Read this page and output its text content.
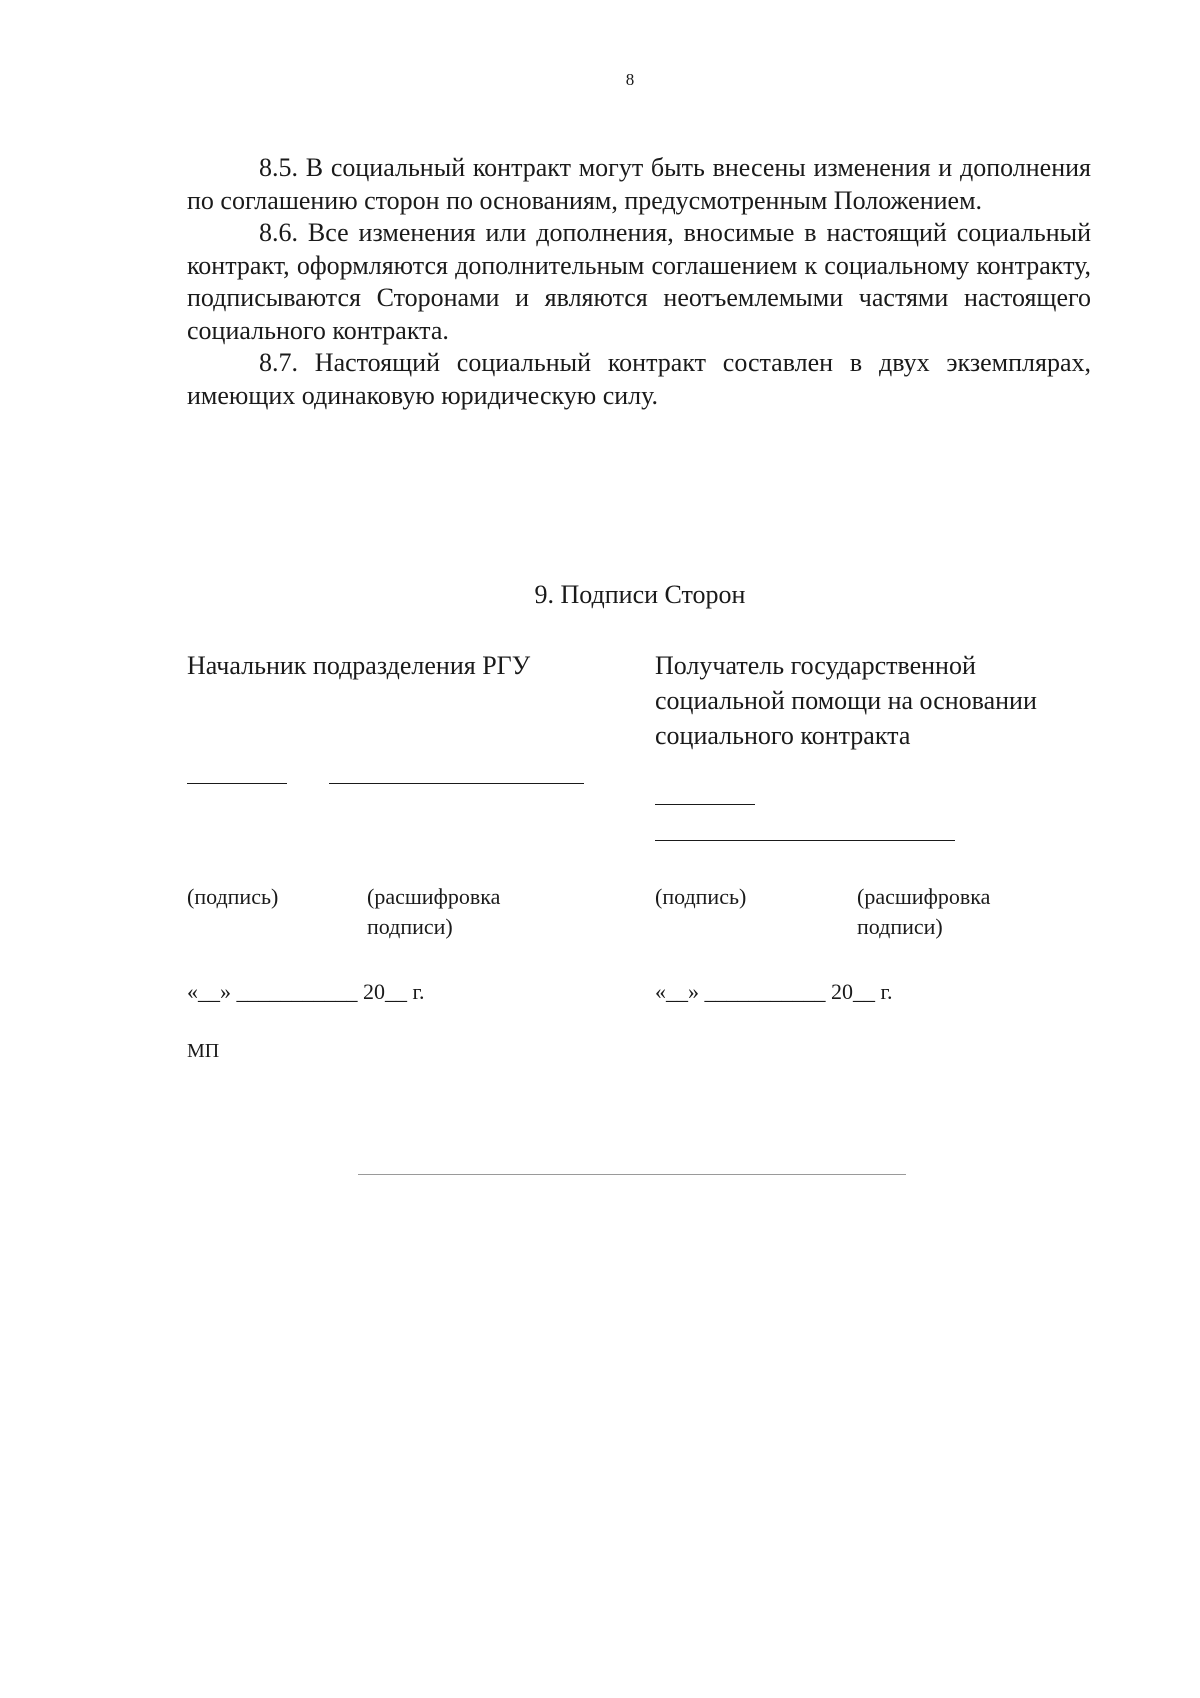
8

8.5. В социальный контракт могут быть внесены изменения и дополнения по соглашению сторон по основаниям, предусмотренным Положением.

8.6. Все изменения или дополнения, вносимые в настоящий социальный контракт, оформляются дополнительным соглашением к социальному контракту, подписываются Сторонами и являются неотъемлемыми частями настоящего социального контракта.

8.7. Настоящий социальный контракт составлен в двух экземплярах, имеющих одинаковую юридическую силу.

9. Подписи Сторон
Начальник подразделения РГУ
(подпись)	(расшифровка подписи)
«__» ___________ 20__ г.
МП
Получатель государственной социальной помощи на основании социального контракта
(подпись)	(расшифровка подписи)
«__» ___________ 20__ г.
